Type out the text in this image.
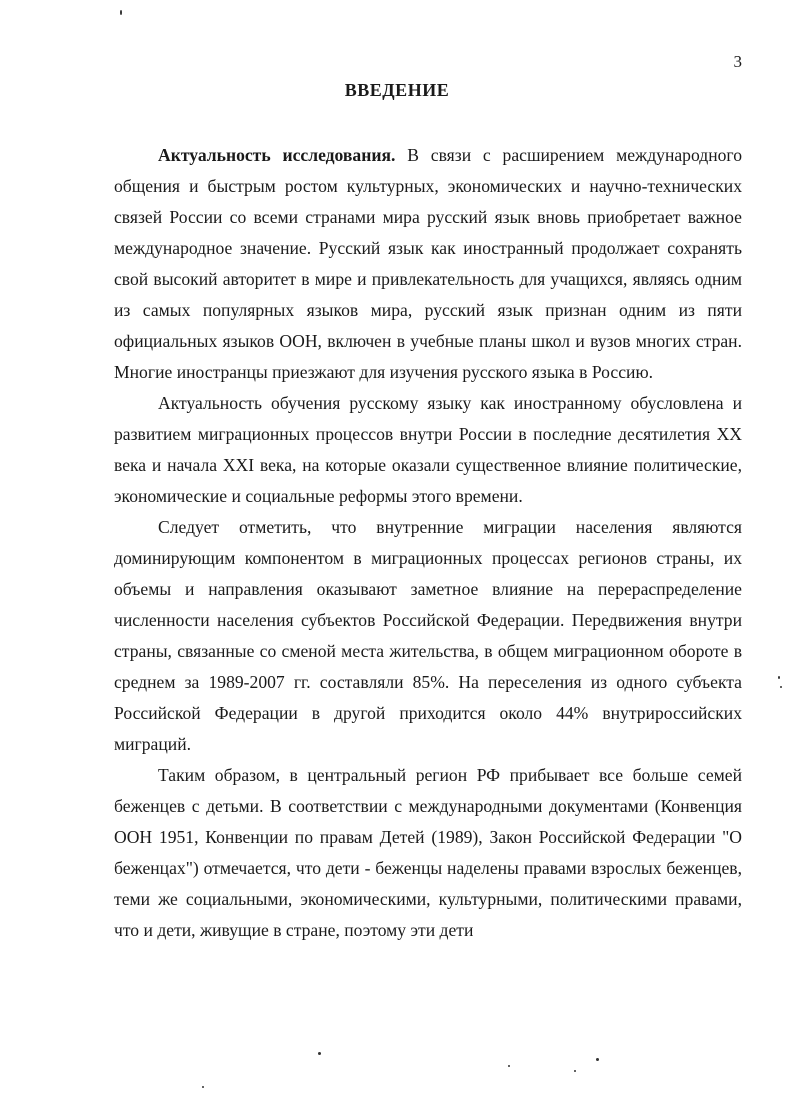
3
ВВЕДЕНИЕ

Актуальность исследования. В связи с расширением международного общения и быстрым ростом культурных, экономических и научно-технических связей России со всеми странами мира русский язык вновь приобретает важное международное значение. Русский язык как иностранный продолжает сохранять свой высокий авторитет в мире и привлекательность для учащихся, являясь одним из самых популярных языков мира, русский язык признан одним из пяти официальных языков ООН, включен в учебные планы школ и вузов многих стран. Многие иностранцы приезжают для изучения русского языка в Россию.

Актуальность обучения русскому языку как иностранному обусловлена и развитием миграционных процессов внутри России в последние десятилетия XX века и начала XXI века, на которые оказали существенное влияние политические, экономические и социальные реформы этого времени.

Следует отметить, что внутренние миграции населения являются доминирующим компонентом в миграционных процессах регионов страны, их объемы и направления оказывают заметное влияние на перераспределение численности населения субъектов Российской Федерации. Передвижения внутри страны, связанные со сменой места жительства, в общем миграционном обороте в среднем за 1989-2007 гг. составляли 85%. На переселения из одного субъекта Российской Федерации в другой приходится около 44% внутрироссийских миграций.

Таким образом, в центральный регион РФ прибывает все больше семей беженцев с детьми. В соответствии с международными документами (Конвенция ООН 1951, Конвенции по правам Детей (1989), Закон Российской Федерации "О беженцах") отмечается, что дети - беженцы наделены правами взрослых беженцев, теми же социальными, экономическими, культурными, политическими правами, что и дети, живущие в стране, поэтому эти дети
